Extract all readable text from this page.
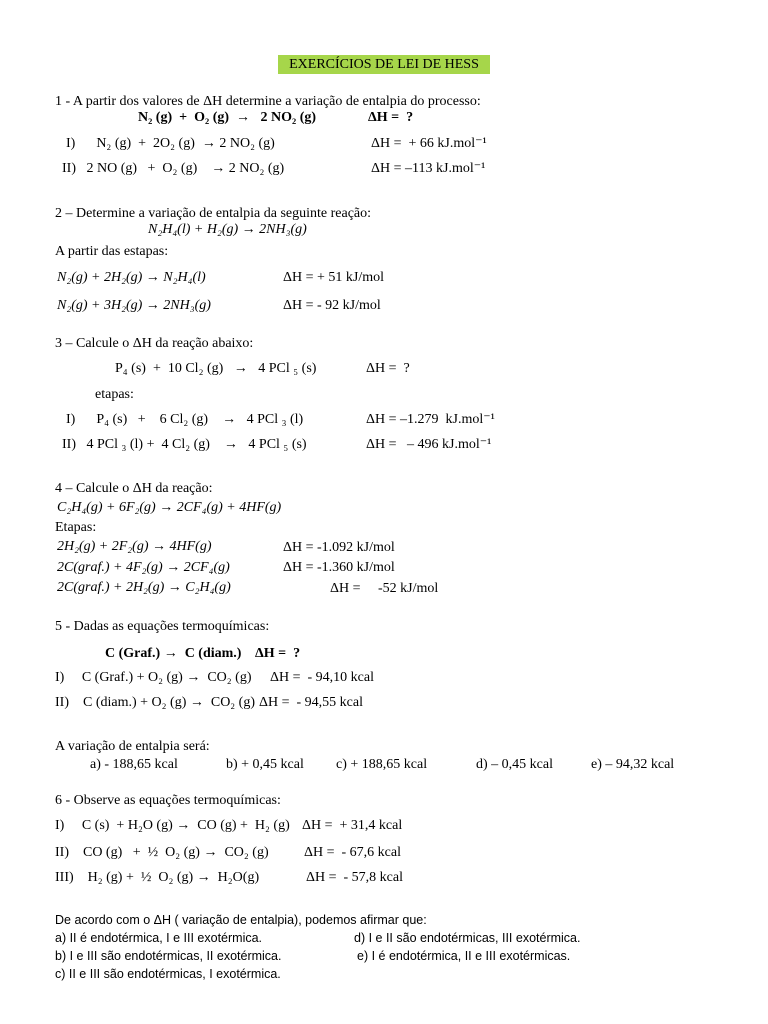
EXERCÍCIOS DE LEI DE HESS
1 - A partir dos valores de ΔH determine a variação de entalpia do processo:
N₂ (g)  +  O₂ (g)  →   2 NO₂ (g)	ΔH =  ?
I)      N₂ (g)  +  2O₂ (g)  → 2 NO₂ (g)	ΔH =  + 66 kJ.mol⁻¹
II)   2 NO (g)   +  O₂ (g)    → 2 NO₂ (g)	ΔH = –113 kJ.mol⁻¹
2 – Determine a variação de entalpia da seguinte reação:
N₂H₄(l) + H₂(g) → 2NH₃(g)
A partir das estapas:
N₂(g) + 2H₂(g) → N₂H₄(l)	ΔH = + 51 kJ/mol
N₂(g) + 3H₂(g) → 2NH₃(g)	ΔH = - 92 kJ/mol
3 – Calcule o ΔH da reação abaixo:
P₄ (s)  +  10 Cl₂ (g)   →   4 PCl ₅ (s)	ΔH =  ?
etapas:
I)      P₄ (s)   +    6 Cl₂ (g)    →   4 PCl ₃ (l)	ΔH = –1.279  kJ.mol⁻¹
II)   4 PCl ₃ (l) +  4 Cl₂ (g)    →   4 PCl ₅ (s)	ΔH =   – 496 kJ.mol⁻¹
4 – Calcule o ΔH da reação:
C₂H₄(g) + 6F₂(g) → 2CF₄(g) + 4HF(g)
Etapas:
2H₂(g) + 2F₂(g) → 4HF(g)	ΔH = -1.092 kJ/mol
2C(graf.) + 4F₂(g) → 2CF₄(g)	ΔH = -1.360 kJ/mol
2C(graf.) + 2H₂(g) → C₂H₄(g)	ΔH =     -52 kJ/mol
5 - Dadas as equações termoquímicas:
C (Graf.) →  C (diam.) ΔH =  ?
I)     C (Graf.) + O₂ (g) →  CO₂ (g) ΔH =  - 94,10 kcal
II)    C (diam.) + O₂ (g) →  CO₂ (g) ΔH =  - 94,55 kcal
A variação de entalpia será:
a) - 188,65 kcal	b) + 0,45 kcal c) + 188,65 kcal	d) – 0,45 kcal	e) – 94,32 kcal
6 - Observe as equações termoquímicas:
I)     C (s)  + H₂O (g) →  CO (g) +  H₂ (g) ΔH =  + 31,4 kcal
II)    CO (g)   +  ½  O₂ (g) →  CO₂ (g)	ΔH =  - 67,6 kcal
III)    H₂ (g) +  ½  O₂ (g) →  H₂O(g)	ΔH =  - 57,8 kcal
De acordo com o ΔH ( variação de entalpia), podemos afirmar que:
a) II é endotérmica, I e III exotérmica.	d) I e II são endotérmicas, III exotérmica.
b) I e III são endotérmicas, II exotérmica.	e) I é endotérmica, II e III exotérmicas.
c) II e III são endotérmicas, I exotérmica.
